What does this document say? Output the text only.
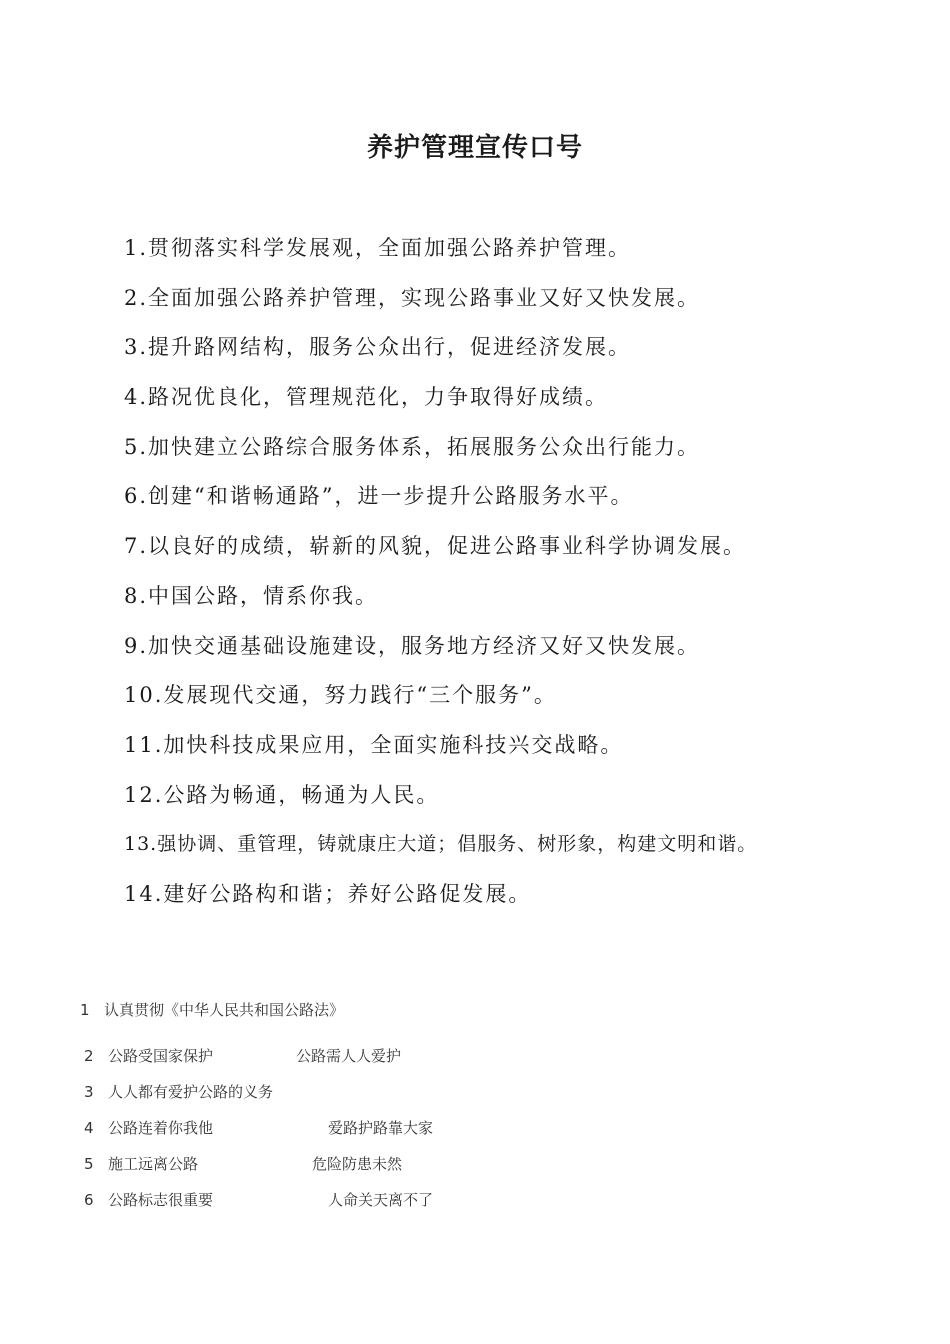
养护管理宣传口号
1.贯彻落实科学发展观，全面加强公路养护管理。
2.全面加强公路养护管理，实现公路事业又好又快发展。
3.提升路网结构，服务公众出行，促进经济发展。
4.路况优良化，管理规范化，力争取得好成绩。
5.加快建立公路综合服务体系，拓展服务公众出行能力。
6.创建“和谐畅通路”，进一步提升公路服务水平。
7.以良好的成绩，崭新的风貌，促进公路事业科学协调发展。
8.中国公路，情系你我。
9.加快交通基础设施建设，服务地方经济又好又快发展。
10.发展现代交通，努力践行“三个服务”。
11.加快科技成果应用，全面实施科技兴交战略。
12.公路为畅通，畅通为人民。
13.强协调、重管理，铸就康庄大道；倡服务、树形象，构建文明和谐。
14.建好公路构和谐；养好公路促发展。
1 认真贯彻《中华人民共和国公路法》
2 公路受国家保护	公路需人人爱护
3 人人都有爱护公路的义务
4 公路连着你我他	爱路护路靠大家
5 施工远离公路	危险防患未然
6 公路标志很重要	人命关天离不了
